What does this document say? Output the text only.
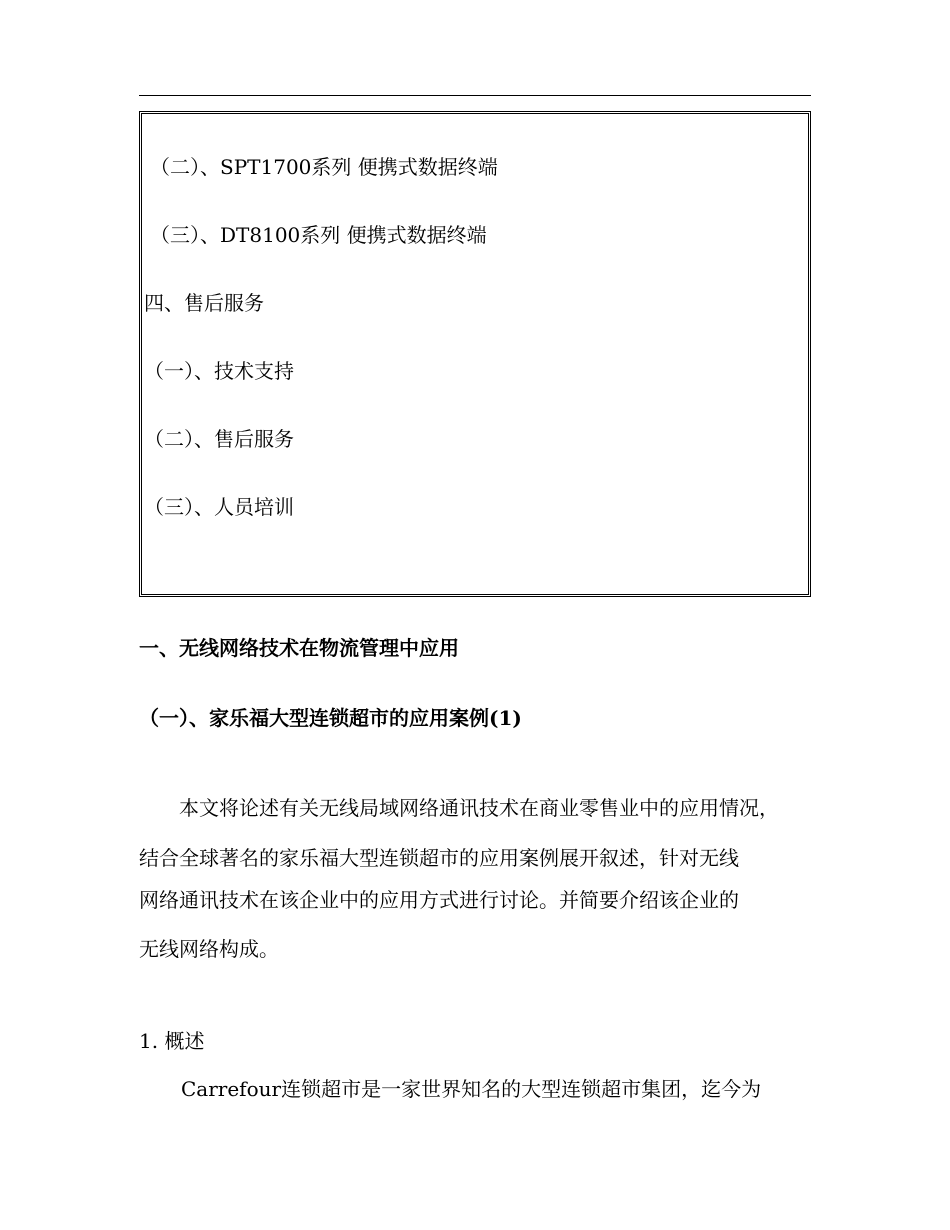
（二）、SPT1700系列 便携式数据终端
（三）、DT8100系列 便携式数据终端
四、售后服务
（一）、技术支持
（二）、售后服务
（三）、人员培训
一、无线网络技术在物流管理中应用
（一）、家乐福大型连锁超市的应用案例(1)
本文将论述有关无线局域网络通讯技术在商业零售业中的应用情况，
结合全球著名的家乐福大型连锁超市的应用案例展开叙述，针对无线
网络通讯技术在该企业中的应用方式进行讨论。并简要介绍该企业的
无线网络构成。
1. 概述
Carrefour连锁超市是一家世界知名的大型连锁超市集团，迄今为
